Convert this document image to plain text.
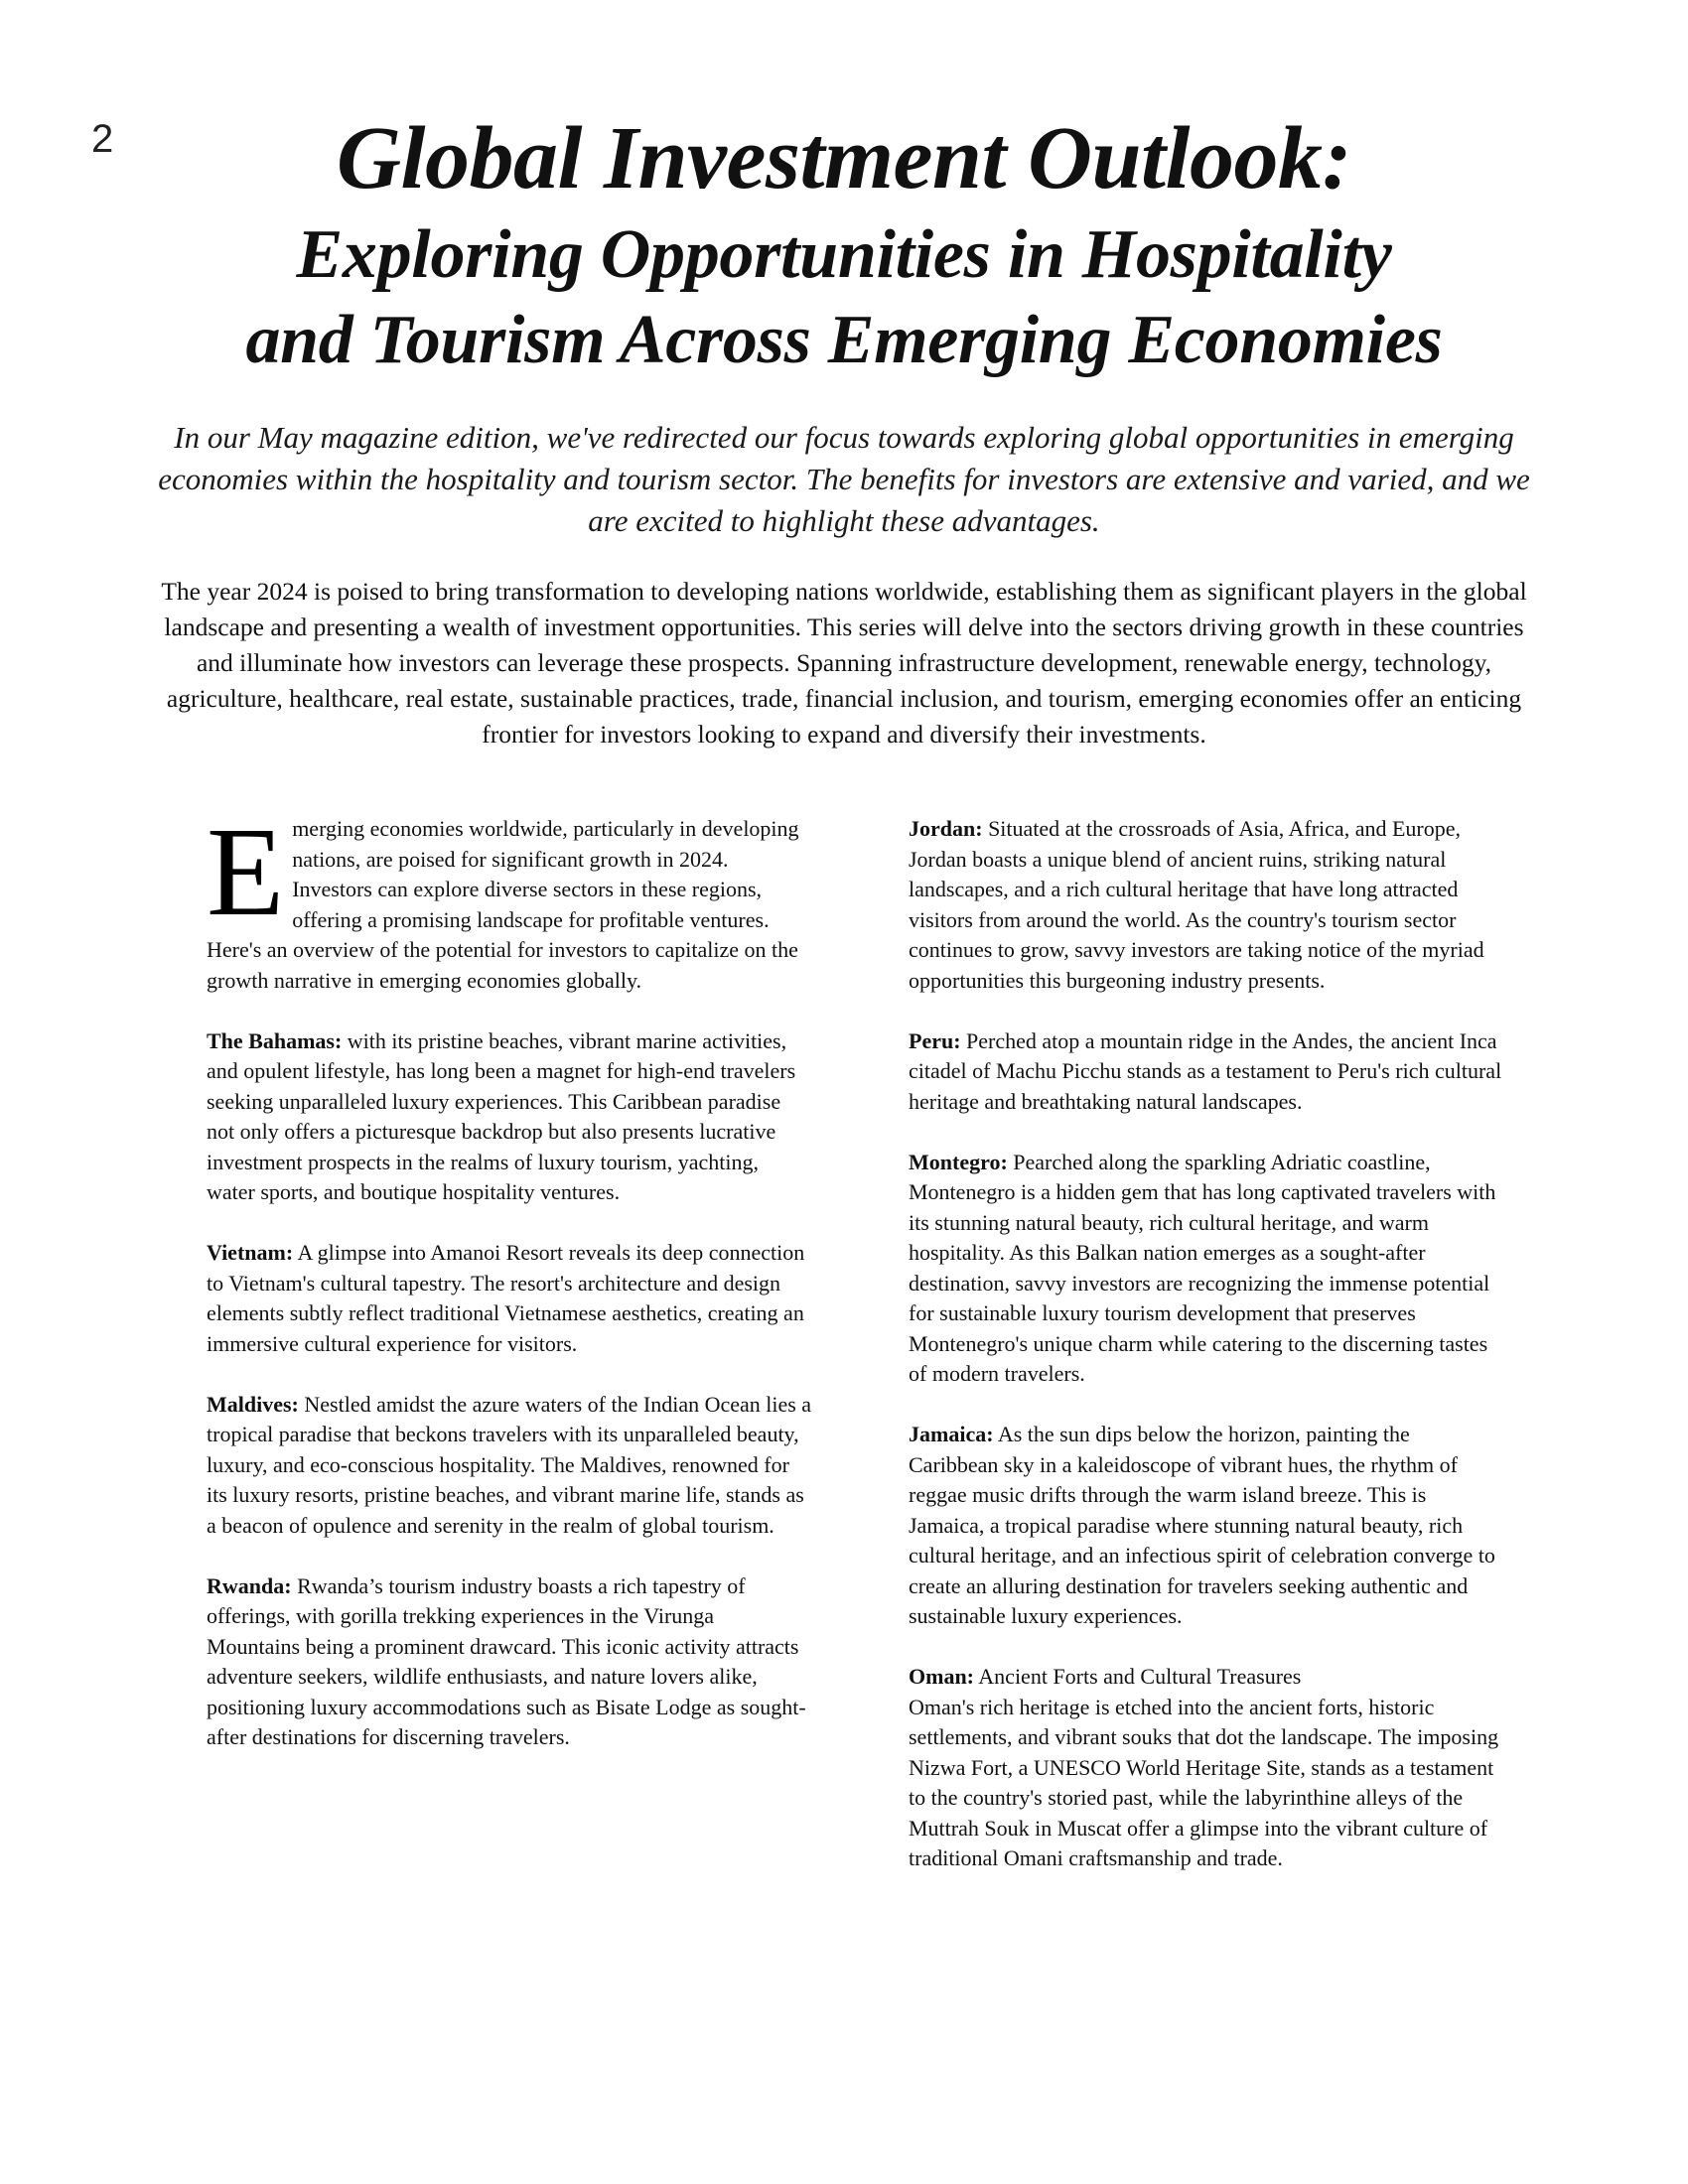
2	Global Investment Outlook:
Exploring Opportunities in Hospitality
and Tourism Across Emerging Economies

In our May magazine edition, we've redirected our focus towards exploring global opportunities in emerging economies within the hospitality and tourism sector. The benefits for investors are extensive and varied, and we are excited to highlight these advantages.

The year 2024 is poised to bring transformation to developing nations worldwide, establishing them as significant players in the global landscape and presenting a wealth of investment opportunities. This series will delve into the sectors driving growth in these countries and illuminate how investors can leverage these prospects. Spanning infrastructure development, renewable energy, technology, agriculture, healthcare, real estate, sustainable practices, trade, financial inclusion, and tourism, emerging economies offer an enticing frontier for investors looking to expand and diversify their investments.

Emerging economies worldwide, particularly in developing nations, are poised for significant growth in 2024. Investors can explore diverse sectors in these regions, offering a promising landscape for profitable ventures. Here's an overview of the potential for investors to capitalize on the growth narrative in emerging economies globally.

The Bahamas: with its pristine beaches, vibrant marine activities, and opulent lifestyle, has long been a magnet for high-end travelers seeking unparalleled luxury experiences. This Caribbean paradise not only offers a picturesque backdrop but also presents lucrative investment prospects in the realms of luxury tourism, yachting, water sports, and boutique hospitality ventures.

Vietnam: A glimpse into Amanoi Resort reveals its deep connection to Vietnam's cultural tapestry. The resort's architecture and design elements subtly reflect traditional Vietnamese aesthetics, creating an immersive cultural experience for visitors.

Maldives: Nestled amidst the azure waters of the Indian Ocean lies a tropical paradise that beckons travelers with its unparalleled beauty, luxury, and eco-conscious hospitality. The Maldives, renowned for its luxury resorts, pristine beaches, and vibrant marine life, stands as a beacon of opulence and serenity in the realm of global tourism.

Rwanda: Rwanda’s tourism industry boasts a rich tapestry of offerings, with gorilla trekking experiences in the Virunga Mountains being a prominent drawcard. This iconic activity attracts adventure seekers, wildlife enthusiasts, and nature lovers alike, positioning luxury accommodations such as Bisate Lodge as sought-after destinations for discerning travelers.

Jordan: Situated at the crossroads of Asia, Africa, and Europe, Jordan boasts a unique blend of ancient ruins, striking natural landscapes, and a rich cultural heritage that have long attracted visitors from around the world. As the country's tourism sector continues to grow, savvy investors are taking notice of the myriad opportunities this burgeoning industry presents.

Peru: Perched atop a mountain ridge in the Andes, the ancient Inca citadel of Machu Picchu stands as a testament to Peru's rich cultural heritage and breathtaking natural landscapes.

Montegro: Pearched along the sparkling Adriatic coastline, Montenegro is a hidden gem that has long captivated travelers with its stunning natural beauty, rich cultural heritage, and warm hospitality. As this Balkan nation emerges as a sought-after destination, savvy investors are recognizing the immense potential for sustainable luxury tourism development that preserves Montenegro's unique charm while catering to the discerning tastes of modern travelers.

Jamaica: As the sun dips below the horizon, painting the Caribbean sky in a kaleidoscope of vibrant hues, the rhythm of reggae music drifts through the warm island breeze. This is Jamaica, a tropical paradise where stunning natural beauty, rich cultural heritage, and an infectious spirit of celebration converge to create an alluring destination for travelers seeking authentic and sustainable luxury experiences.

Oman: Ancient Forts and Cultural Treasures
Oman's rich heritage is etched into the ancient forts, historic settlements, and vibrant souks that dot the landscape. The imposing Nizwa Fort, a UNESCO World Heritage Site, stands as a testament to the country's storied past, while the labyrinthine alleys of the Muttrah Souk in Muscat offer a glimpse into the vibrant culture of traditional Omani craftsmanship and trade.
